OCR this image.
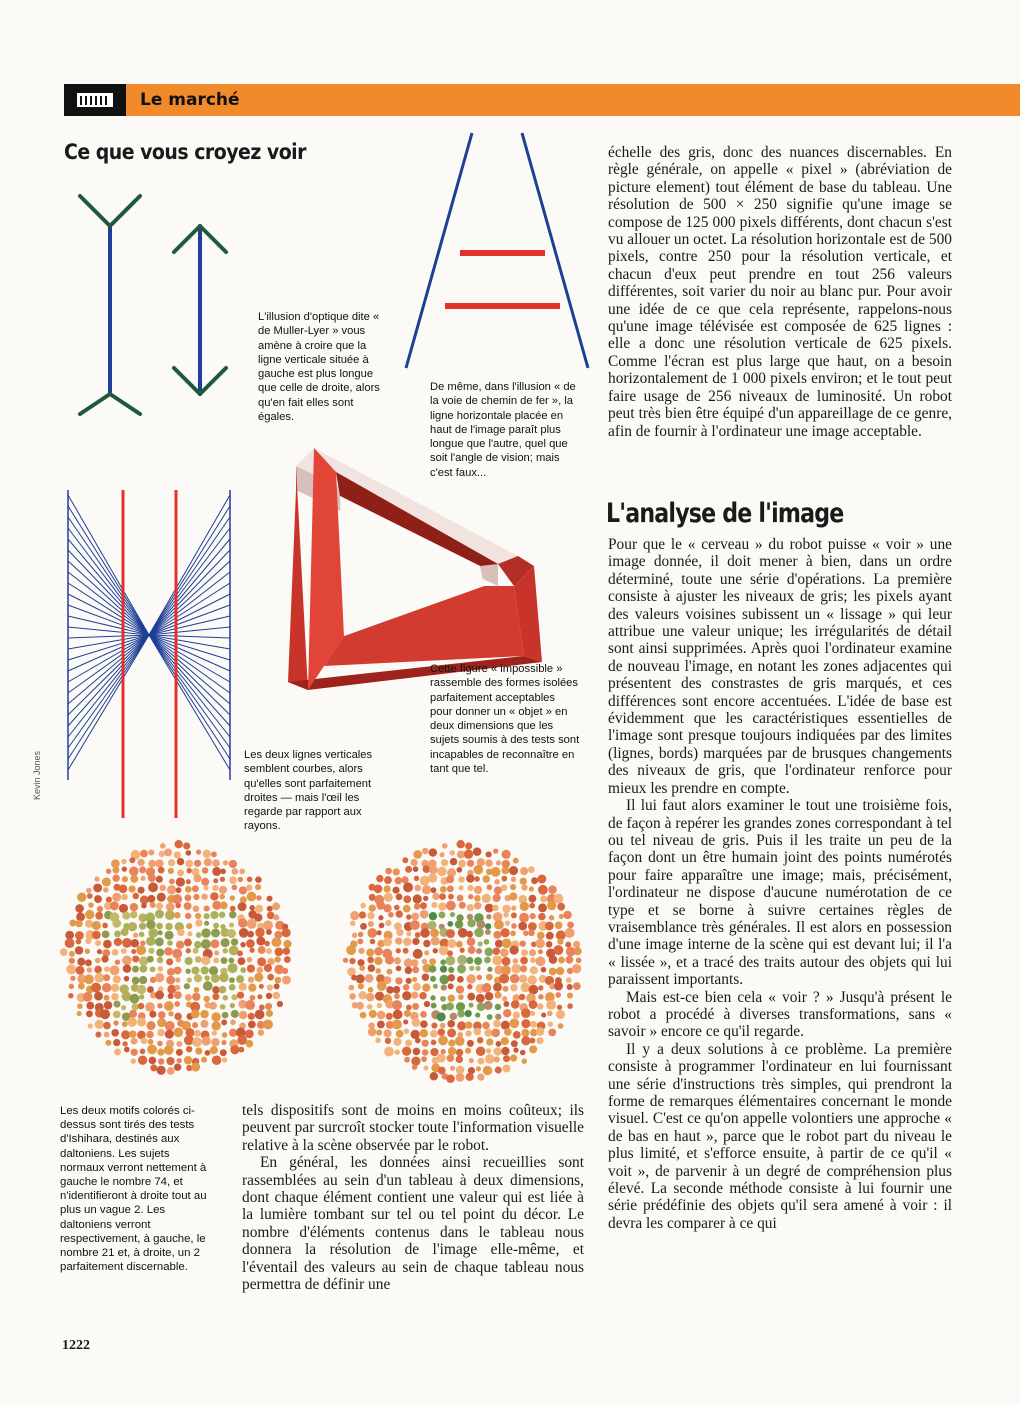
Le marché
Ce que vous croyez voir
L'illusion d'optique dite « de Muller-Lyer » vous amène à croire que la ligne verticale située à gauche est plus longue que celle de droite, alors qu'en fait elles sont égales.
De même, dans l'illusion « de la voie de chemin de fer », la ligne horizontale placée en haut de l'image paraît plus longue que l'autre, quel que soit l'angle de vision; mais c'est faux...
Cette figure « impossible » rassemble des formes isolées parfaitement acceptables pour donner un « objet » en deux dimensions que les sujets soumis à des tests sont incapables de reconnaître en tant que tel.
Les deux lignes verticales semblent courbes, alors qu'elles sont parfaitement droites — mais l'œil les regarde par rapport aux rayons.
Kevin Jones
Les deux motifs colorés ci-dessus sont tirés des tests d'Ishihara, destinés aux daltoniens. Les sujets normaux verront nettement à gauche le nombre 74, et n'identifieront à droite tout au plus un vague 2. Les daltoniens verront respectivement, à gauche, le nombre 21 et, à droite, un 2 parfaitement discernable.

tels dispositifs sont de moins en moins coûteux; ils peuvent par surcroît stocker toute l'information visuelle relative à la scène observée par le robot.

En général, les données ainsi recueillies sont rassemblées au sein d'un tableau à deux dimensions, dont chaque élément contient une valeur qui est liée à la lumière tombant sur tel ou tel point du décor. Le nombre d'éléments contenus dans le tableau nous donnera la résolution de l'image elle-même, et l'éventail des valeurs au sein de chaque tableau nous permettra de définir une

échelle des gris, donc des nuances discernables. En règle générale, on appelle « pixel » (abréviation de picture element) tout élément de base du tableau. Une résolution de 500 × 250 signifie qu'une image se compose de 125 000 pixels différents, dont chacun s'est vu allouer un octet. La résolution horizontale est de 500 pixels, contre 250 pour la résolution verticale, et chacun d'eux peut prendre en tout 256 valeurs différentes, soit varier du noir au blanc pur. Pour avoir une idée de ce que cela représente, rappelons-nous qu'une image télévisée est composée de 625 lignes : elle a donc une résolution verticale de 625 pixels. Comme l'écran est plus large que haut, on a besoin horizontalement de 1 000 pixels environ; et le tout peut faire usage de 256 niveaux de luminosité. Un robot peut très bien être équipé d'un appareillage de ce genre, afin de fournir à l'ordinateur une image acceptable.

L'analyse de l'image

Pour que le « cerveau » du robot puisse « voir » une image donnée, il doit mener à bien, dans un ordre déterminé, toute une série d'opérations. La première consiste à ajuster les niveaux de gris; les pixels ayant des valeurs voisines subissent un « lissage » qui leur attribue une valeur unique; les irrégularités de détail sont ainsi supprimées. Après quoi l'ordinateur examine de nouveau l'image, en notant les zones adjacentes qui présentent des constrastes de gris marqués, et ces différences sont encore accentuées. L'idée de base est évidemment que les caractéristiques essentielles de l'image sont presque toujours indiquées par des limites (lignes, bords) marquées par de brusques changements des niveaux de gris, que l'ordinateur renforce pour mieux les prendre en compte.

Il lui faut alors examiner le tout une troisième fois, de façon à repérer les grandes zones correspondant à tel ou tel niveau de gris. Puis il les traite un peu de la façon dont un être humain joint des points numérotés pour faire apparaître une image; mais, précisément, l'ordinateur ne dispose d'aucune numérotation de ce type et se borne à suivre certaines règles de vraisemblance très générales. Il est alors en possession d'une image interne de la scène qui est devant lui; il l'a « lissée », et a tracé des traits autour des objets qui lui paraissent importants.

Mais est-ce bien cela « voir ? » Jusqu'à présent le robot a procédé à diverses transformations, sans « savoir » encore ce qu'il regarde.

Il y a deux solutions à ce problème. La première consiste à programmer l'ordinateur en lui fournissant une série d'instructions très simples, qui prendront la forme de remarques élémentaires concernant le monde visuel. C'est ce qu'on appelle volontiers une approche « de bas en haut », parce que le robot part du niveau le plus limité, et s'efforce ensuite, à partir de ce qu'il « voit », de parvenir à un degré de compréhension plus élevé. La seconde méthode consiste à lui fournir une série prédéfinie des objets qu'il sera amené à voir : il devra les comparer à ce qui

1222
